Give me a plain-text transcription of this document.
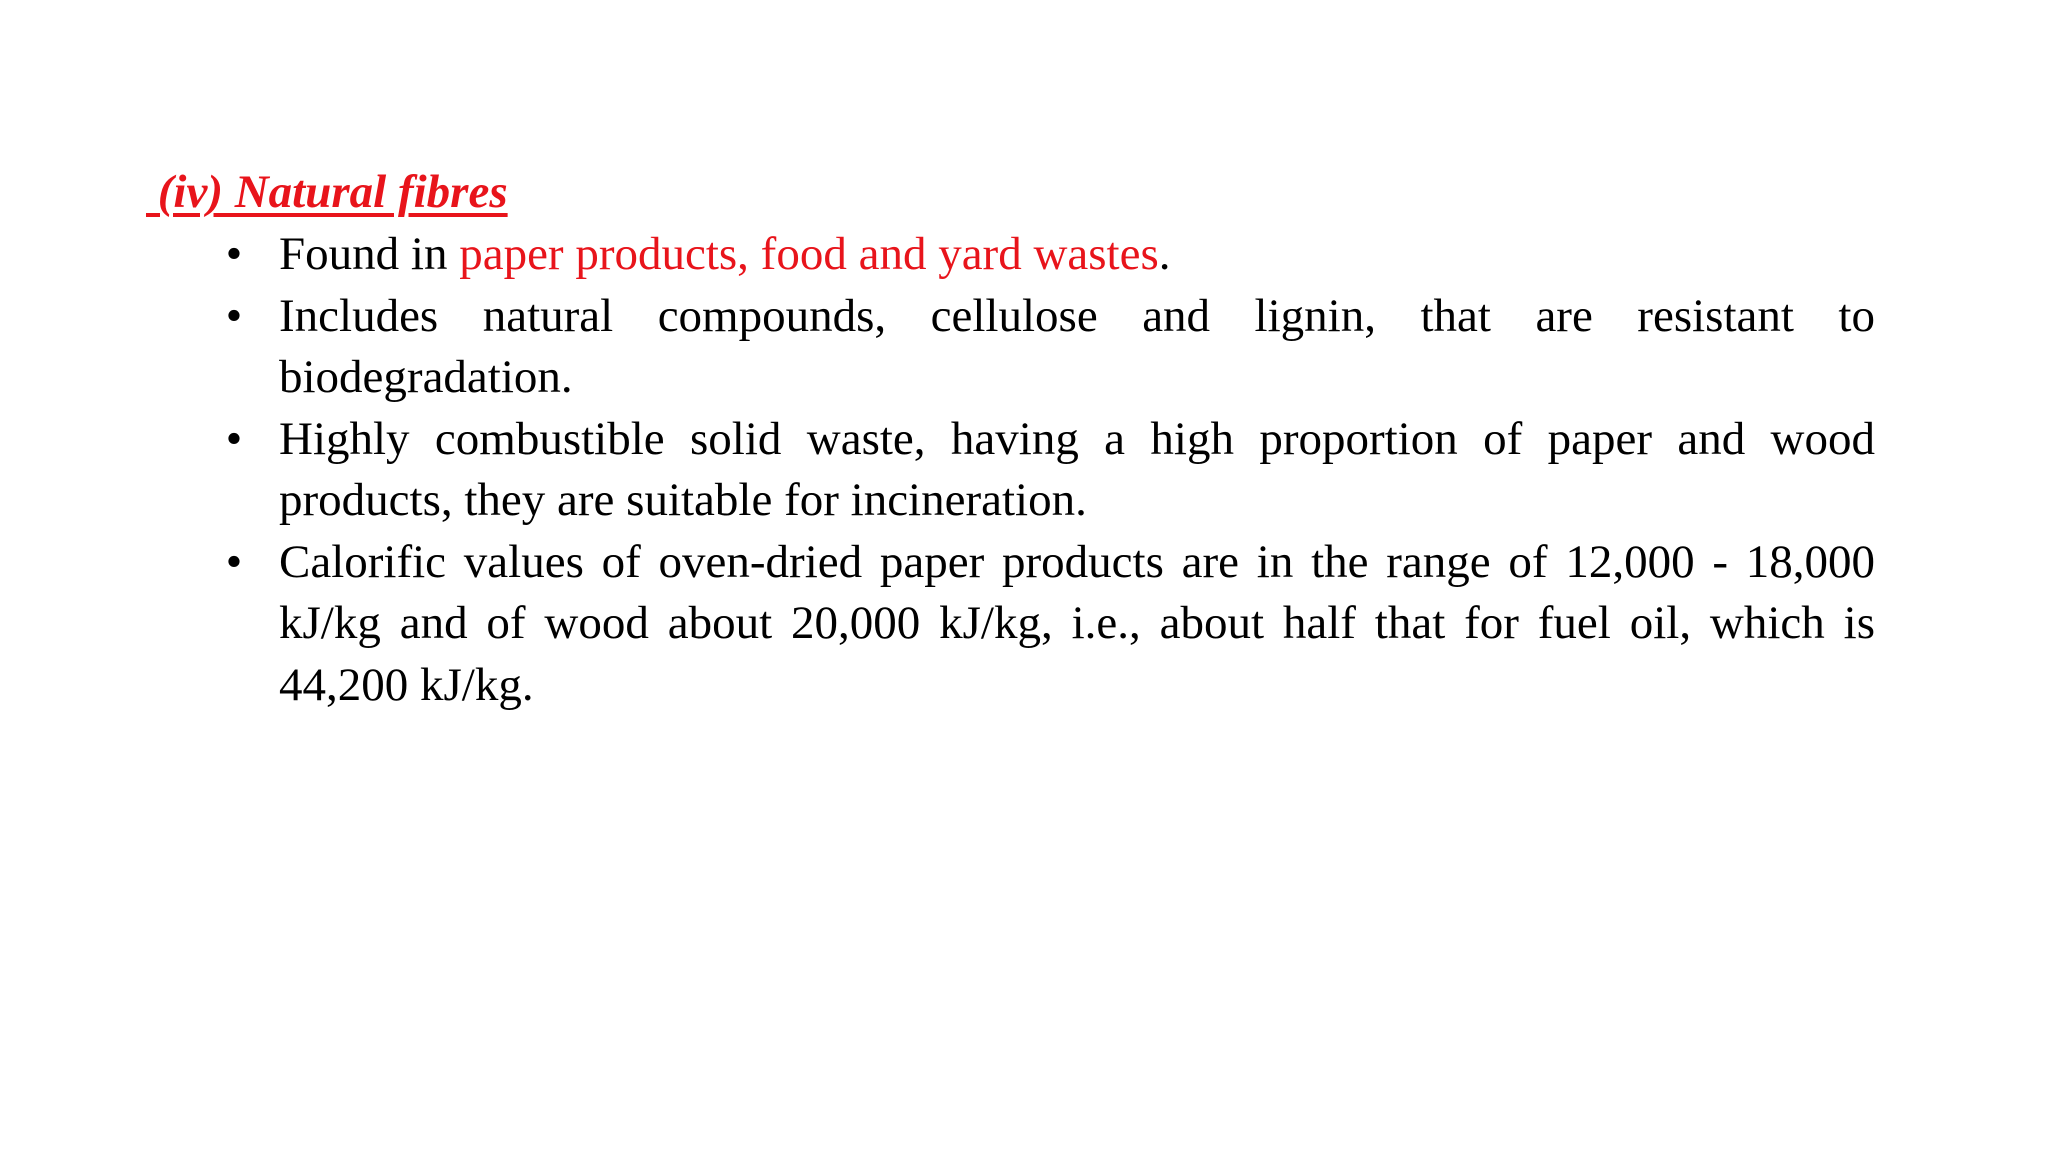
(iv) Natural fibres
• Found in paper products, food and yard wastes.
• Includes natural compounds, cellulose and lignin, that are resistant to biodegradation.
• Highly combustible solid waste, having a high proportion of paper and wood products, they are suitable for incineration.
• Calorific values of oven-dried paper products are in the range of 12,000 - 18,000 kJ/kg and of wood about 20,000 kJ/kg, i.e., about half that for fuel oil, which is 44,200 kJ/kg.
